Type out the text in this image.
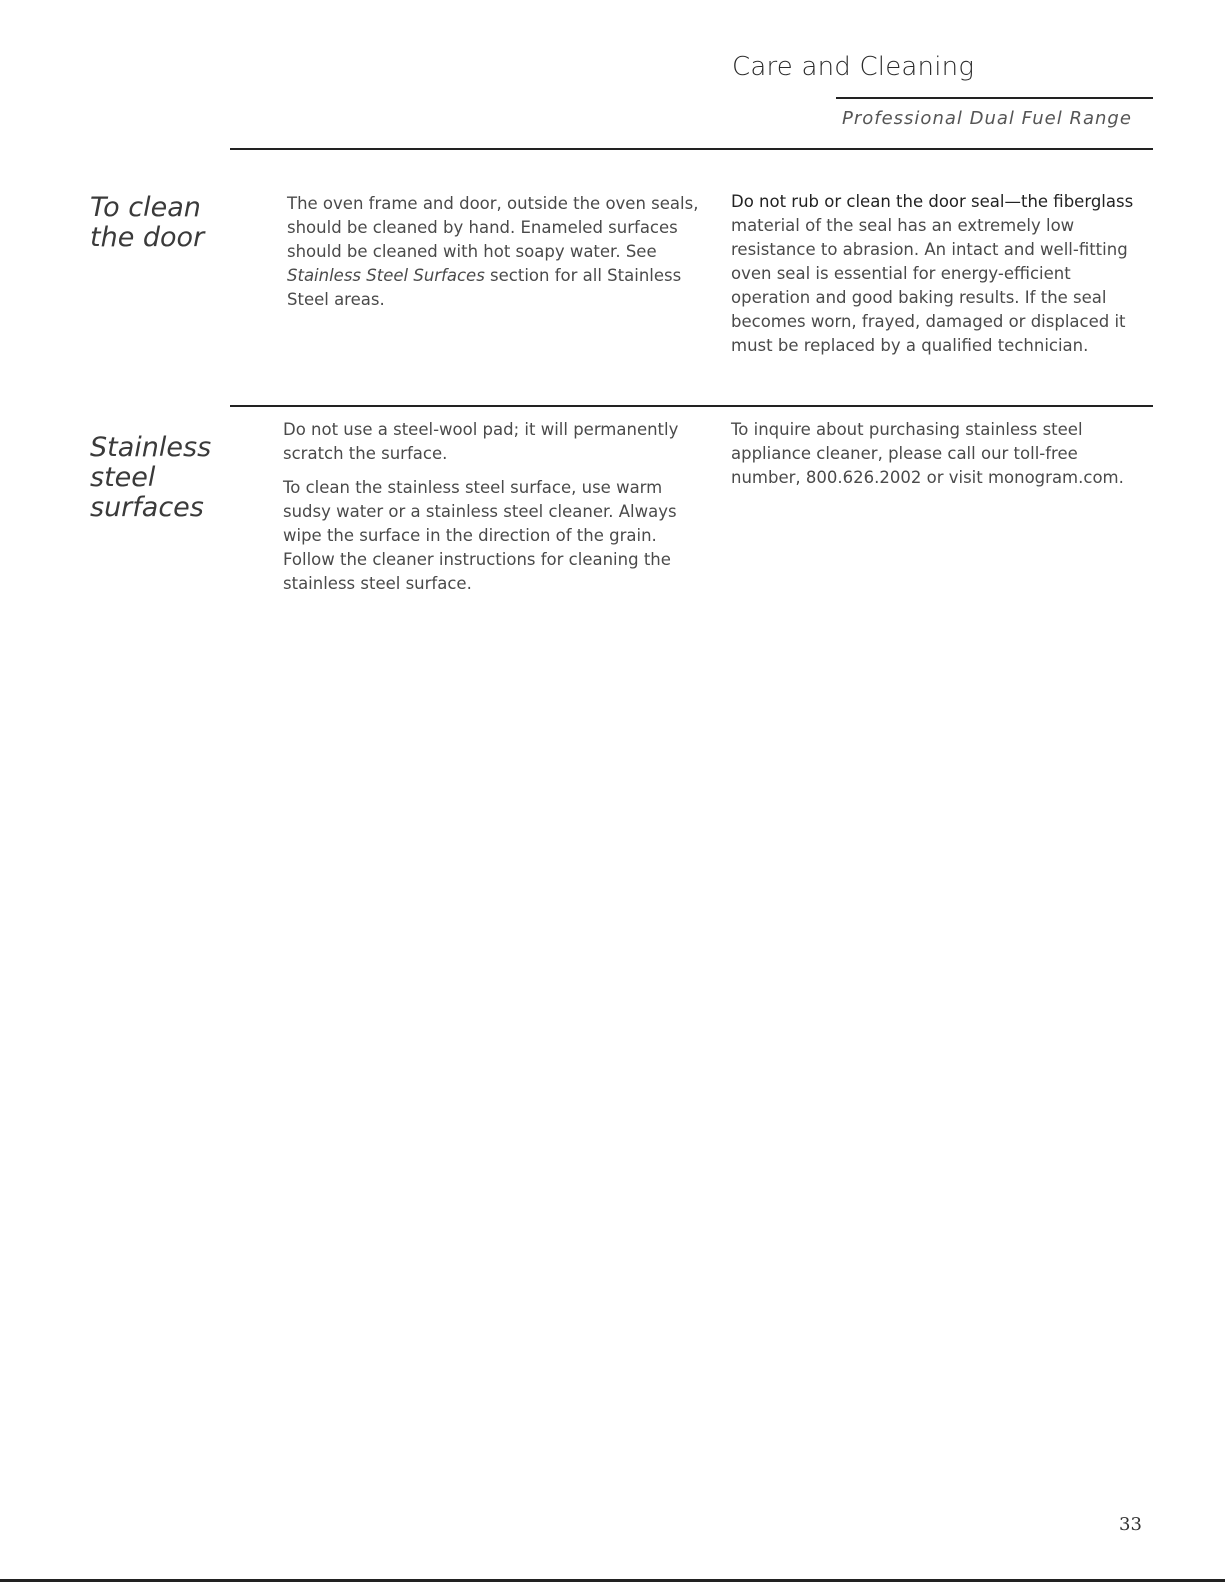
Care and Cleaning
Professional Dual Fuel Range
To clean
the door

The oven frame and door, outside the oven seals, should be cleaned by hand. Enameled surfaces should be cleaned with hot soapy water. See Stainless Steel Surfaces section for all Stainless Steel areas.

Do not rub or clean the door seal—the fiberglass material of the seal has an extremely low resistance to abrasion. An intact and well-fitting oven seal is essential for energy-efficient operation and good baking results. If the seal becomes worn, frayed, damaged or displaced it must be replaced by a qualified technician.

Stainless
steel
surfaces

Do not use a steel-wool pad; it will permanently scratch the surface.

To clean the stainless steel surface, use warm sudsy water or a stainless steel cleaner. Always wipe the surface in the direction of the grain. Follow the cleaner instructions for cleaning the stainless steel surface.

To inquire about purchasing stainless steel appliance cleaner, please call our toll-free number, 800.626.2002 or visit monogram.com.

33
